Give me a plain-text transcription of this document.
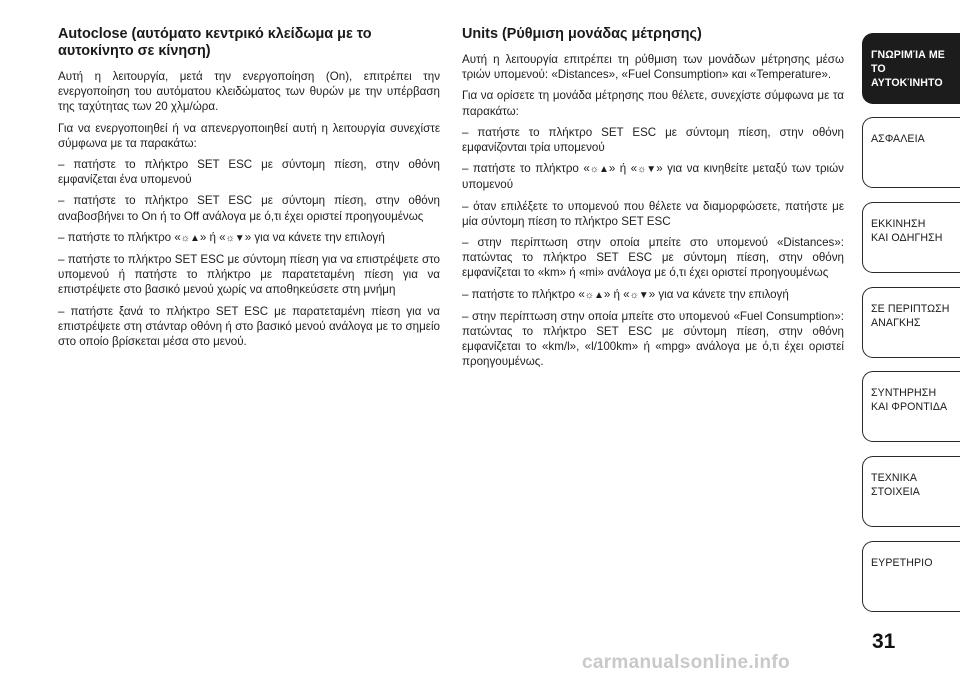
Autoclose (αυτόματο κεντρικό κλείδωμα με το αυτοκίνητο σε κίνηση)

Αυτή η λειτουργία, μετά την ενεργοποίηση (On), επιτρέπει την ενεργοποίηση του αυτόματου κλειδώματος των θυρών με την υπέρβαση της ταχύτητας των 20 χλμ/ώρα.

Για να ενεργοποιηθεί ή να απενεργοποιηθεί αυτή η λειτουργία συνεχίστε σύμφωνα με τα παρακάτω:

– πατήστε το πλήκτρο SET ESC με σύντομη πίεση, στην οθόνη εμφανίζεται ένα υπομενού

– πατήστε το πλήκτρο SET ESC με σύντομη πίεση, στην οθόνη αναβοσβήνει το On ή το Off ανάλογα με ό,τι έχει οριστεί προηγουμένως

– πατήστε το πλήκτρο «☼▲» ή «☼▼» για να κάνετε την επιλογή

– πατήστε το πλήκτρο SET ESC με σύντομη πίεση για να επιστρέψετε στο υπομενού ή πατήστε το πλήκτρο με παρατεταμένη πίεση για να επιστρέψετε στο βασικό μενού χωρίς να αποθηκεύσετε στη μνήμη

– πατήστε ξανά το πλήκτρο SET ESC με παρατεταμένη πίεση για να επιστρέψετε στη στάνταρ οθόνη ή στο βασικό μενού ανάλογα με το σημείο στο οποίο βρίσκεται μέσα στο μενού.

Units (Ρύθμιση μονάδας μέτρησης)

Αυτή η λειτουργία επιτρέπει τη ρύθμιση των μονάδων μέτρησης μέσω τριών υπομενού: «Distances», «Fuel Consumption» και «Temperature».

Για να ορίσετε τη μονάδα μέτρησης που θέλετε, συνεχίστε σύμφωνα με τα παρακάτω:

– πατήστε το πλήκτρο SET ESC με σύντομη πίεση, στην οθόνη εμφανίζονται τρία υπομενού

– πατήστε το πλήκτρο «☼▲» ή «☼▼» για να κινηθείτε μεταξύ των τριών υπομενού

– όταν επιλέξετε το υπομενού που θέλετε να διαμορφώσετε, πατήστε με μία σύντομη πίεση το πλήκτρο SET ESC

– στην περίπτωση στην οποία μπείτε στο υπομενού «Distances»: πατώντας το πλήκτρο SET ESC με σύντομη πίεση, στην οθόνη εμφανίζεται το «km» ή «mi» ανάλογα με ό,τι έχει οριστεί προηγουμένως

– πατήστε το πλήκτρο «☼▲» ή «☼▼» για να κάνετε την επιλογή

– στην περίπτωση στην οποία μπείτε στο υπομενού «Fuel Consumption»: πατώντας το πλήκτρο SET ESC με σύντομη πίεση, στην οθόνη εμφανίζεται το «km/l», «l/100km» ή «mpg» ανάλογα με ό,τι έχει οριστεί προηγουμένως.

ΓΝΩΡΙΜΊΑ ΜΕ ΤΟ
ΑΥΤΟΚΊΝΗΤΟ
ΑΣΦΑΛΕΙΑ
ΕΚΚΙΝΗΣΗ
ΚΑΙ ΟΔΗΓΗΣΗ
ΣΕ ΠΕΡΙΠΤΩΣΗ
ΑΝΑΓΚΗΣ
ΣΥΝΤΗΡΗΣΗ
ΚΑΙ ΦΡΟΝΤΙΔΑ
ΤΕΧΝΙΚΑ
ΣΤΟΙΧΕΙΑ
ΕΥΡΕΤΗΡΙΟ
31
carmanualsonline.info
